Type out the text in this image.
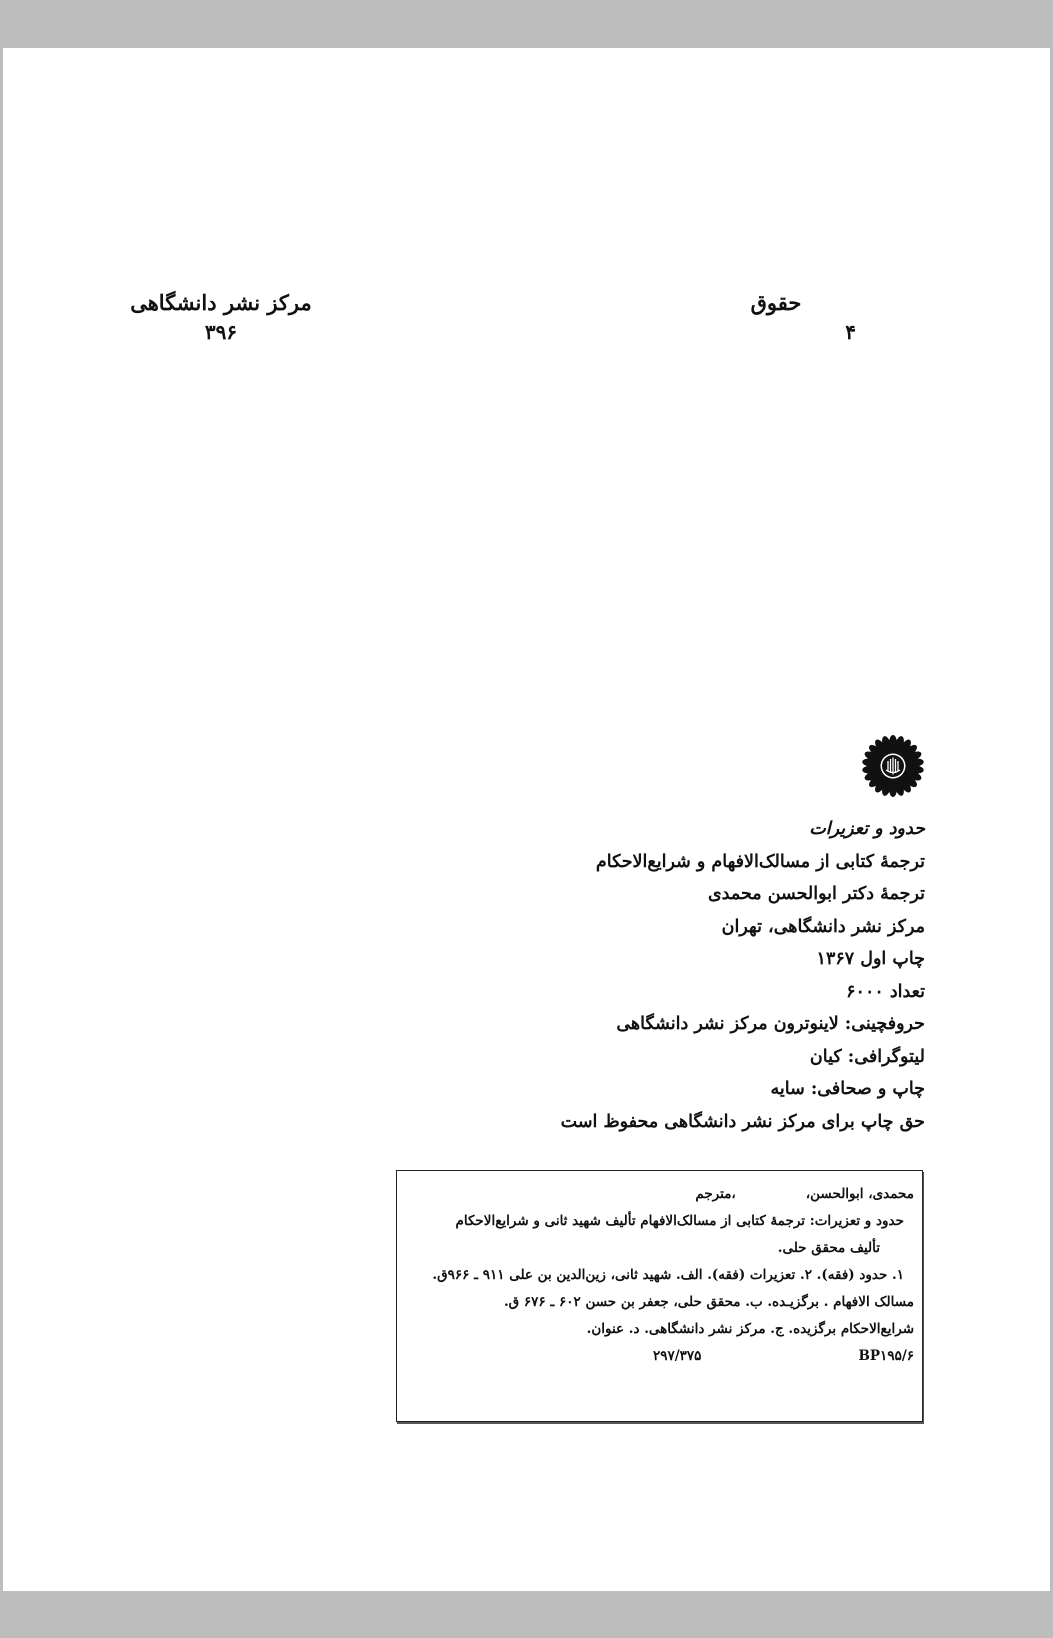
حقوق
۴
مرکز نشر دانشگاهی
۳۹۶
حدود و تعزیرات
ترجمهٔ کتابی از مسالک‌الافهام و شرایع‌الاحکام
ترجمهٔ دکتر ابوالحسن محمدی
مرکز نشر دانشگاهی، تهران
چاپ اول ۱۳۶۷
تعداد ۶۰۰۰
حروفچینی: لاینوترون مرکز نشر دانشگاهی
لیتوگرافی: کیان
چاپ و صحافی: سایه
حق چاپ برای مرکز نشر دانشگاهی محفوظ است
محمدی، ابوالحسن،،مترجم
حدود و تعزیرات: ترجمهٔ کتابی از مسالک‌الافهام تألیف شهید ثانی و شرایع‌الاحکام
تألیف محقق حلی.
۱. حدود (فقه). ۲. تعزیرات (فقه). الف. شهید ثانی، زین‌الدین بن علی ۹۱۱ ـ ۹۶۶ق.
مسالک الافهام . برگزیـده. ب. محقق حلی، جعفر بن حسن ۶۰۲ ـ ۶۷۶ ق.
شرایع‌الاحکام برگزیده. ج. مرکز نشر دانشگاهی. د. عنوان.
BP۱۹۵/۶
۲۹۷/۳۷۵
